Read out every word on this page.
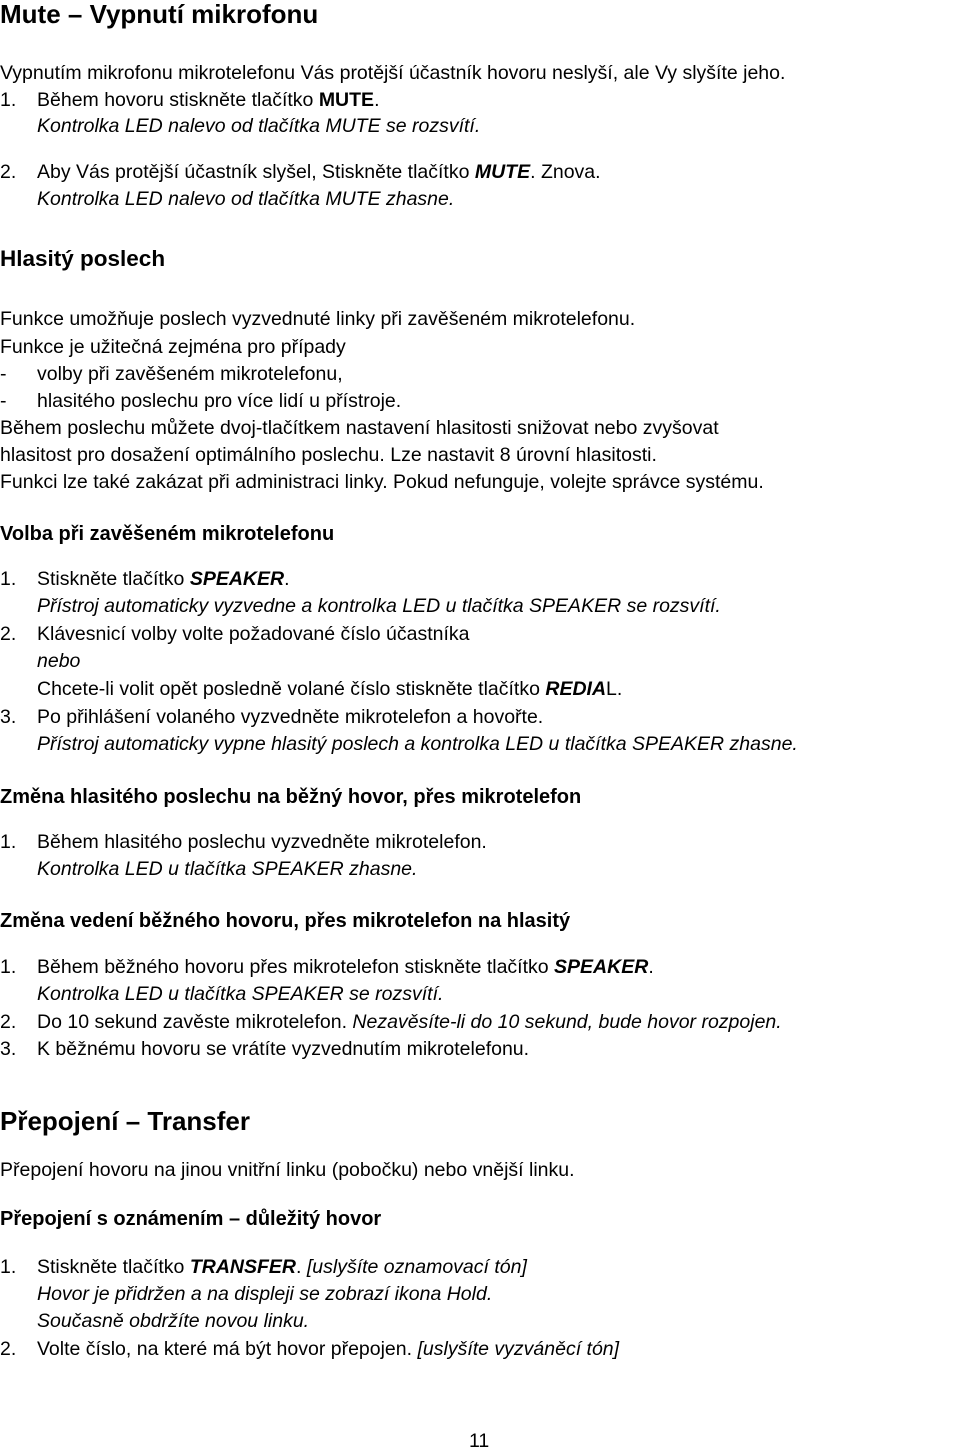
Mute – Vypnutí mikrofonu
Vypnutím mikrofonu mikrotelefonu Vás protější účastník hovoru neslyší, ale Vy slyšíte jeho.
1. Během hovoru stiskněte tlačítko MUTE.
Kontrolka LED nalevo od tlačítka MUTE se rozsvítí.
2. Aby Vás protější účastník slyšel, Stiskněte tlačítko MUTE. Znova.
Kontrolka LED nalevo od tlačítka MUTE zhasne.
Hlasitý poslech
Funkce umožňuje poslech vyzvednuté linky při zavěšeném mikrotelefonu.
Funkce je užitečná zejména pro případy
- volby při zavěšeném mikrotelefonu,
- hlasitého poslechu pro více lidí u přístroje.
Během poslechu můžete dvoj-tlačítkem nastavení hlasitosti snižovat nebo zvyšovat
hlasitost pro dosažení optimálního poslechu. Lze nastavit 8 úrovní hlasitosti.
Funkci lze také zakázat při administraci linky. Pokud nefunguje, volejte správce systému.
Volba při zavěšeném mikrotelefonu
1. Stiskněte tlačítko SPEAKER.
Přístroj automaticky vyzvedne a kontrolka LED u tlačítka SPEAKER se rozsvítí.
2. Klávesnicí volby volte požadované číslo účastníka
nebo
Chcete-li volit opět posledně volané číslo stiskněte tlačítko REDIAL.
3. Po přihlášení volaného vyzvedněte mikrotelefon a hovořte.
Přístroj automaticky vypne hlasitý poslech a kontrolka LED u tlačítka SPEAKER zhasne.
Změna hlasitého poslechu na běžný hovor, přes mikrotelefon
1. Během hlasitého poslechu vyzvedněte mikrotelefon.
Kontrolka LED u tlačítka SPEAKER zhasne.
Změna vedení běžného hovoru, přes mikrotelefon na hlasitý
1. Během běžného hovoru přes mikrotelefon stiskněte tlačítko SPEAKER.
Kontrolka LED u tlačítka SPEAKER se rozsvítí.
2. Do 10 sekund zavěste mikrotelefon. Nezavěsíte-li do 10 sekund, bude hovor rozpojen.
3. K běžnému hovoru se vrátíte vyzvednutím mikrotelefonu.
Přepojení – Transfer
Přepojení hovoru na jinou vnitřní linku (pobočku) nebo vnější linku.
Přepojení s oznámením – důležitý hovor
1. Stiskněte tlačítko TRANSFER. [uslyšíte oznamovací tón]
Hovor je přidržen a na displeji se zobrazí ikona Hold.
Současně obdržíte novou linku.
2. Volte číslo, na které má být hovor přepojen. [uslyšíte vyzváněcí tón]
11
